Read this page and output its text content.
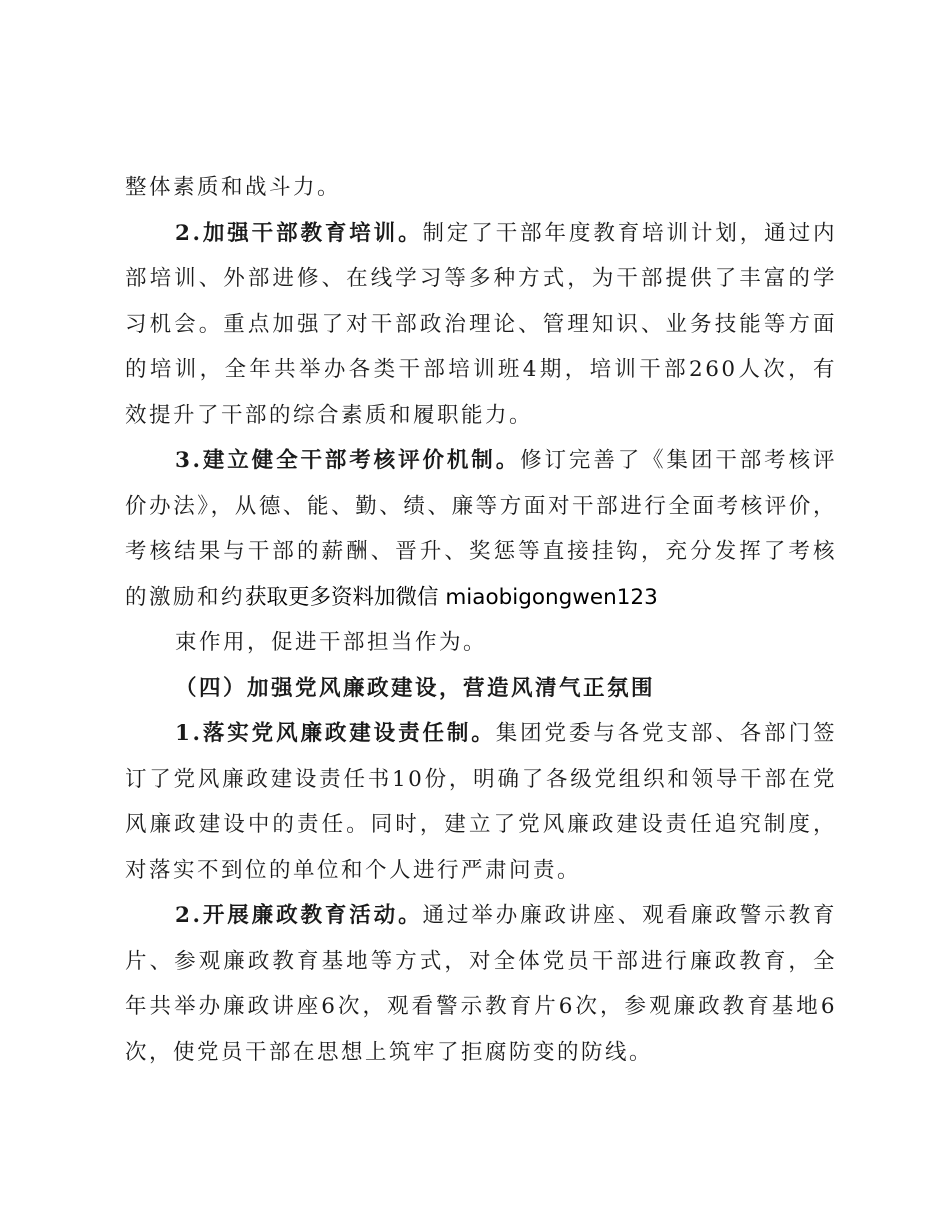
整体素质和战斗力。

2.加强干部教育培训。制定了干部年度教育培训计划，通过内部培训、外部进修、在线学习等多种方式，为干部提供了丰富的学习机会。重点加强了对干部政治理论、管理知识、业务技能等方面的培训，全年共举办各类干部培训班4期，培训干部260人次，有效提升了干部的综合素质和履职能力。

3.建立健全干部考核评价机制。修订完善了《集团干部考核评价办法》，从德、能、勤、绩、廉等方面对干部进行全面考核评价，考核结果与干部的薪酬、晋升、奖惩等直接挂钩，充分发挥了考核的激励和约获取更多资料加微信 miaobigongwen123
束作用，促进干部担当作为。

（四）加强党风廉政建设，营造风清气正氛围

1.落实党风廉政建设责任制。集团党委与各党支部、各部门签订了党风廉政建设责任书10份，明确了各级党组织和领导干部在党风廉政建设中的责任。同时，建立了党风廉政建设责任追究制度，对落实不到位的单位和个人进行严肃问责。

2.开展廉政教育活动。通过举办廉政讲座、观看廉政警示教育片、参观廉政教育基地等方式，对全体党员干部进行廉政教育，全年共举办廉政讲座6次，观看警示教育片6次，参观廉政教育基地6次，使党员干部在思想上筑牢了拒腐防变的防线。
